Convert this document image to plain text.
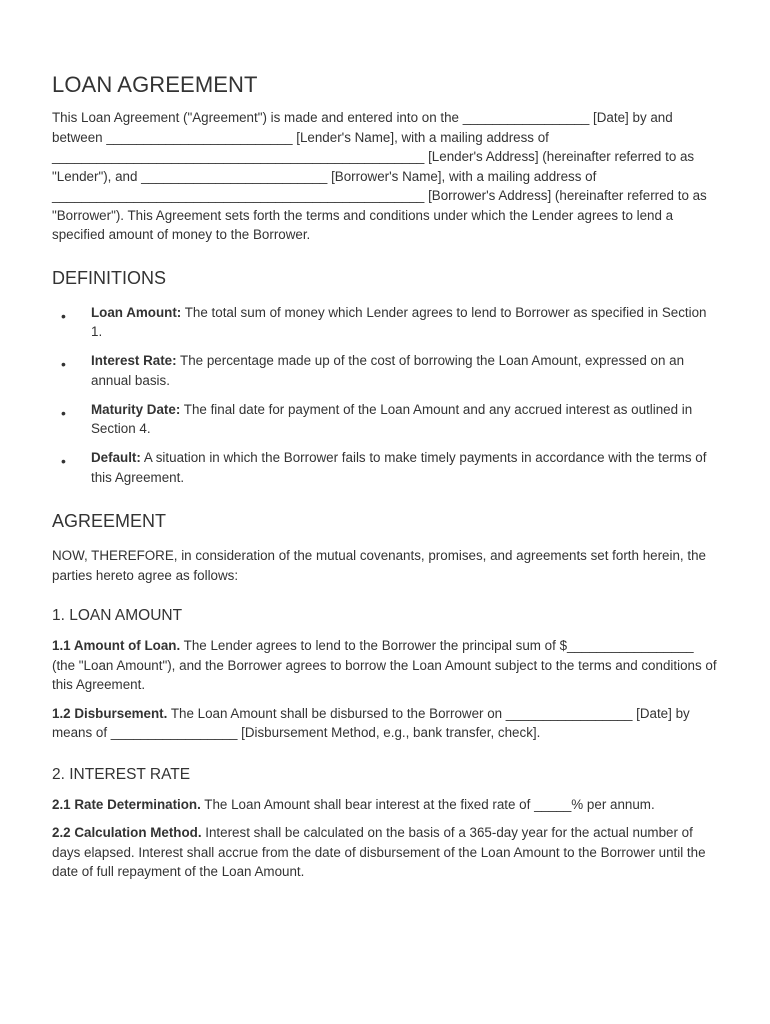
LOAN AGREEMENT

This Loan Agreement ("Agreement") is made and entered into on the _________________ [Date] by and between _________________________ [Lender's Name], with a mailing address of __________________________________________________ [Lender's Address] (hereinafter referred to as "Lender"), and _________________________ [Borrower's Name], with a mailing address of __________________________________________________ [Borrower's Address] (hereinafter referred to as "Borrower"). This Agreement sets forth the terms and conditions under which the Lender agrees to lend a specified amount of money to the Borrower.

DEFINITIONS
• Loan Amount: The total sum of money which Lender agrees to lend to Borrower as specified in Section 1.
• Interest Rate: The percentage made up of the cost of borrowing the Loan Amount, expressed on an annual basis.
• Maturity Date: The final date for payment of the Loan Amount and any accrued interest as outlined in Section 4.
• Default: A situation in which the Borrower fails to make timely payments in accordance with the terms of this Agreement.
AGREEMENT

NOW, THEREFORE, in consideration of the mutual covenants, promises, and agreements set forth herein, the parties hereto agree as follows:

1. LOAN AMOUNT

1.1 Amount of Loan. The Lender agrees to lend to the Borrower the principal sum of $_________________ (the "Loan Amount"), and the Borrower agrees to borrow the Loan Amount subject to the terms and conditions of this Agreement.

1.2 Disbursement. The Loan Amount shall be disbursed to the Borrower on _________________ [Date] by means of _________________ [Disbursement Method, e.g., bank transfer, check].

2. INTEREST RATE

2.1 Rate Determination. The Loan Amount shall bear interest at the fixed rate of _____% per annum.

2.2 Calculation Method. Interest shall be calculated on the basis of a 365-day year for the actual number of days elapsed. Interest shall accrue from the date of disbursement of the Loan Amount to the Borrower until the date of full repayment of the Loan Amount.
